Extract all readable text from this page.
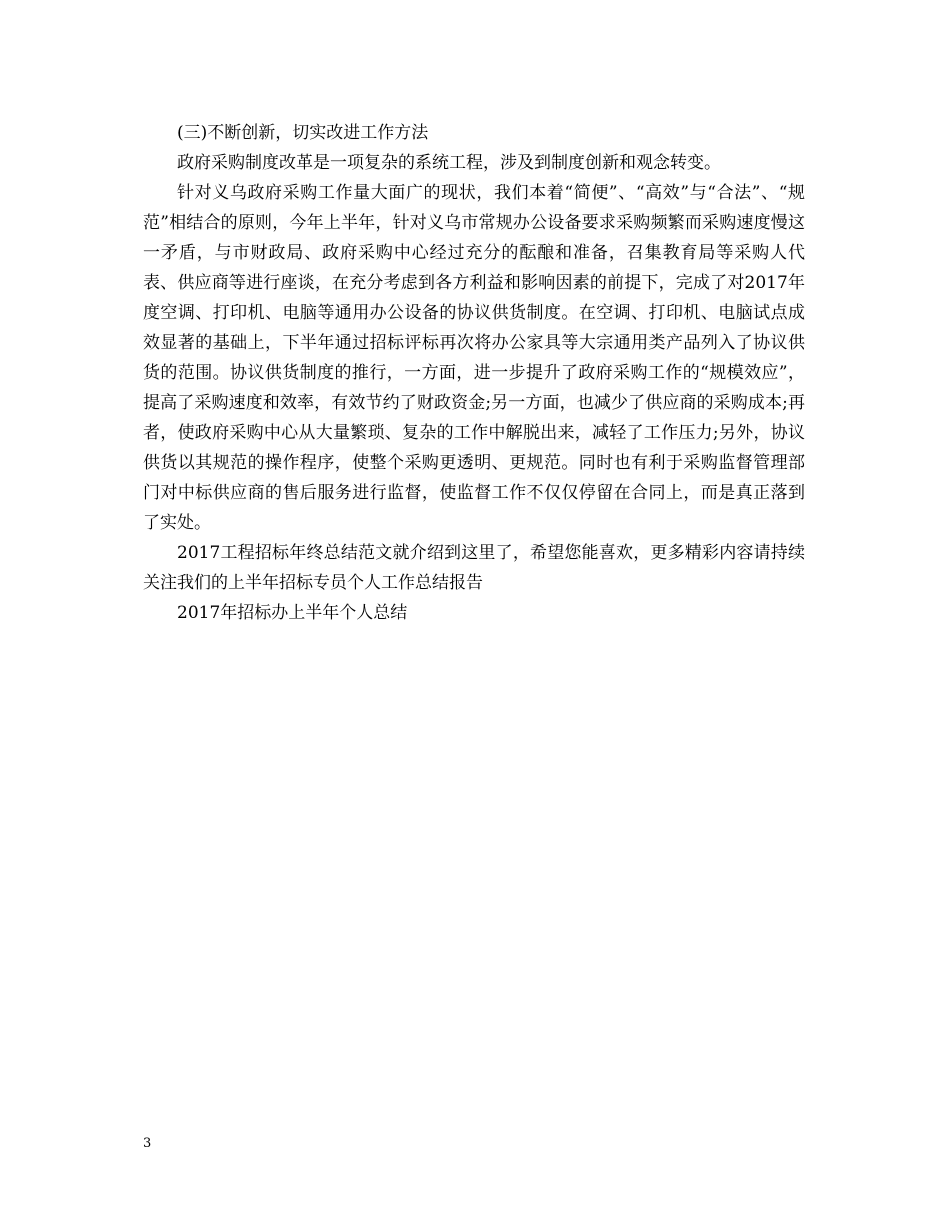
(三)不断创新，切实改进工作方法

政府采购制度改革是一项复杂的系统工程，涉及到制度创新和观念转变。

针对义乌政府采购工作量大面广的现状，我们本着“简便”、“高效”与“合法”、“规范”相结合的原则，今年上半年，针对义乌市常规办公设备要求采购频繁而采购速度慢这一矛盾，与市财政局、政府采购中心经过充分的酝酿和准备，召集教育局等采购人代表、供应商等进行座谈，在充分考虑到各方利益和影响因素的前提下，完成了对2017年度空调、打印机、电脑等通用办公设备的协议供货制度。在空调、打印机、电脑试点成效显著的基础上，下半年通过招标评标再次将办公家具等大宗通用类产品列入了协议供货的范围。协议供货制度的推行，一方面，进一步提升了政府采购工作的“规模效应”，提高了采购速度和效率，有效节约了财政资金;另一方面，也减少了供应商的采购成本;再者，使政府采购中心从大量繁琐、复杂的工作中解脱出来，减轻了工作压力;另外，协议供货以其规范的操作程序，使整个采购更透明、更规范。同时也有利于采购监督管理部门对中标供应商的售后服务进行监督，使监督工作不仅仅停留在合同上，而是真正落到了实处。

2017工程招标年终总结范文就介绍到这里了，希望您能喜欢，更多精彩内容请持续关注我们的上半年招标专员个人工作总结报告

2017年招标办上半年个人总结

3
